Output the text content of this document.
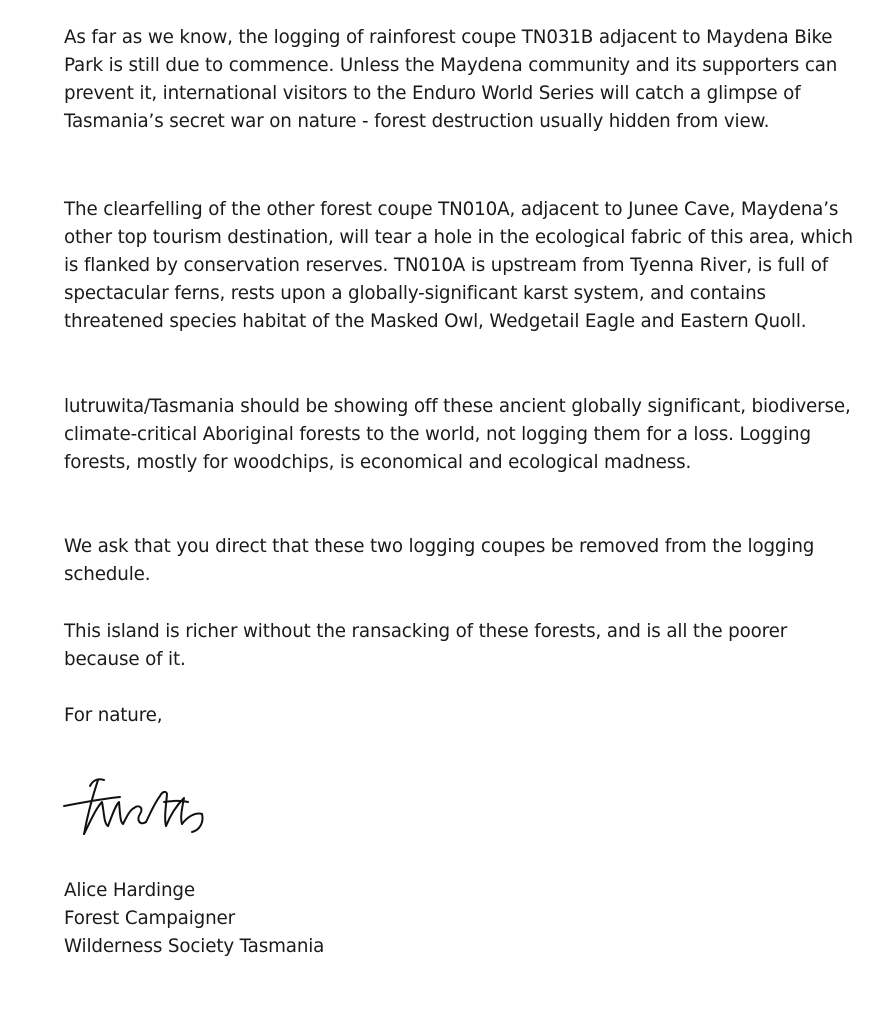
As far as we know, the logging of rainforest coupe TN031B adjacent to Maydena Bike Park is still due to commence. Unless the Maydena community and its supporters can prevent it, international visitors to the Enduro World Series will catch a glimpse of Tasmania’s secret war on nature - forest destruction usually hidden from view.

The clearfelling of the other forest coupe TN010A, adjacent to Junee Cave, Maydena’s other top tourism destination, will tear a hole in the ecological fabric of this area, which is flanked by conservation reserves. TN010A is upstream from Tyenna River, is full of spectacular ferns, rests upon a globally-significant karst system, and contains threatened species habitat of the Masked Owl, Wedgetail Eagle and Eastern Quoll.

lutruwita/Tasmania should be showing off these ancient globally significant, biodiverse, climate-critical Aboriginal forests to the world, not logging them for a loss. Logging forests, mostly for woodchips, is economical and ecological madness.

We ask that you direct that these two logging coupes be removed from the logging schedule.

This island is richer without the ransacking of these forests, and is all the poorer because of it.

For nature,

Alice Hardinge
Forest Campaigner
Wilderness Society Tasmania
